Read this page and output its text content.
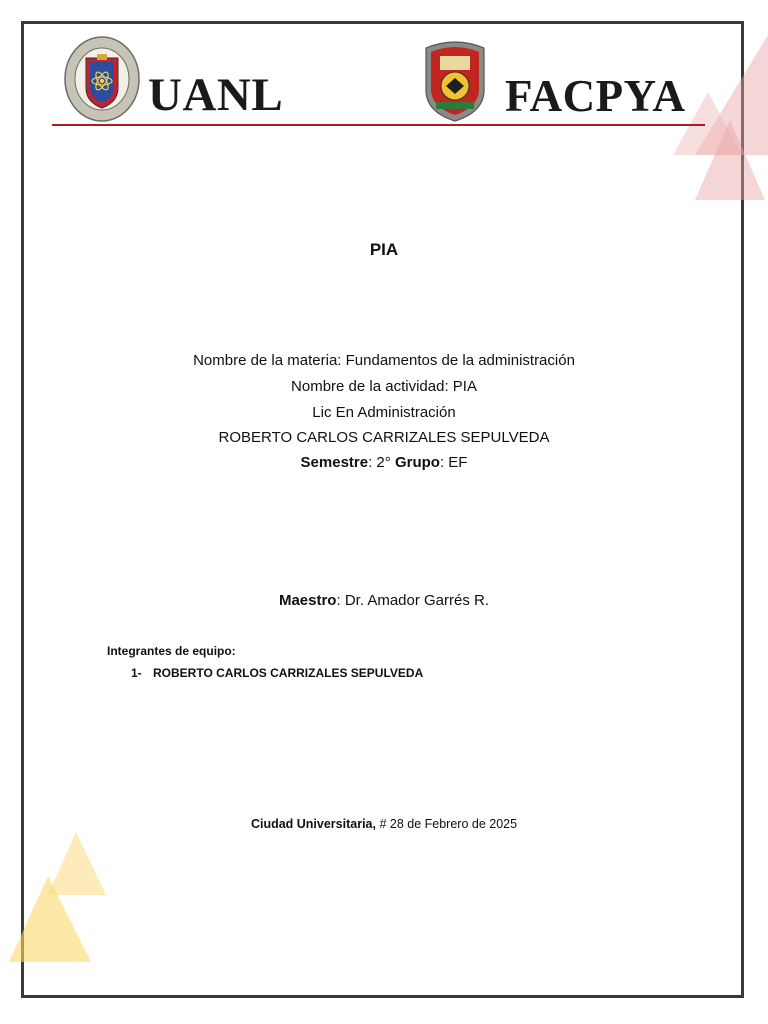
UANL	FACPYA
PIA
Nombre de la materia: Fundamentos de la administración
Nombre de la actividad: PIA
Lic En Administración
ROBERTO CARLOS CARRIZALES SEPULVEDA
Semestre: 2° Grupo: EF
Maestro: Dr. Amador Garrés R.
Integrantes de equipo:
1- ROBERTO CARLOS CARRIZALES SEPULVEDA
Ciudad Universitaria, # 28 de Febrero de 2025
